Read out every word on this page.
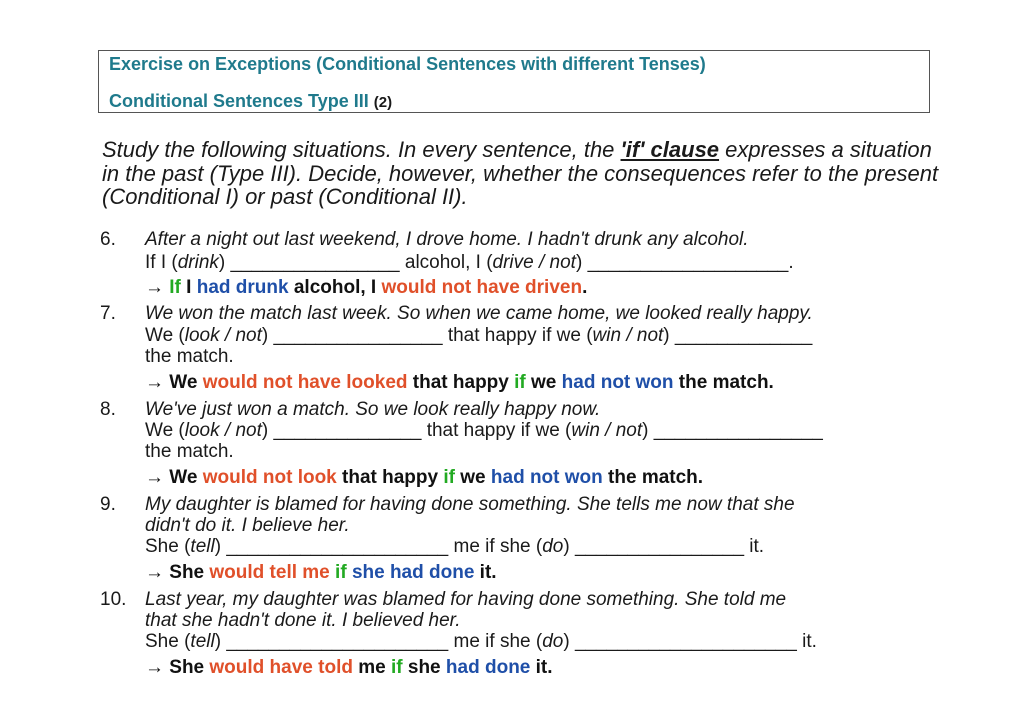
Exercise on Exceptions (Conditional Sentences with different Tenses)
Conditional Sentences Type III (2)
Study the following situations. In every sentence, the 'if' clause expresses a situation in the past (Type III). Decide, however, whether the consequences refer to the present (Conditional I) or past (Conditional II).
6. After a night out last weekend, I drove home. I hadn't drunk any alcohol.
If I (drink) ________________ alcohol, I (drive / not) ___________________.
→ If I had drunk alcohol, I would not have driven.
7. We won the match last week. So when we came home, we looked really happy.
We (look / not) ________________ that happy if we (win / not) _____________
the match.
→ We would not have looked that happy if we had not won the match.
8. We've just won a match. So we look really happy now.
We (look / not) ______________ that happy if we (win / not) ________________
the match.
→ We would not look that happy if we had not won the match.
9. My daughter is blamed for having done something. She tells me now that she
didn't do it. I believe her.
She (tell) _____________________ me if she (do) ________________ it.
→ She would tell me if she had done it.
10. Last year, my daughter was blamed for having done something. She told me
that she hadn't done it. I believed her.
She (tell) _____________________ me if she (do) _____________________ it.
→ She would have told me if she had done it.
